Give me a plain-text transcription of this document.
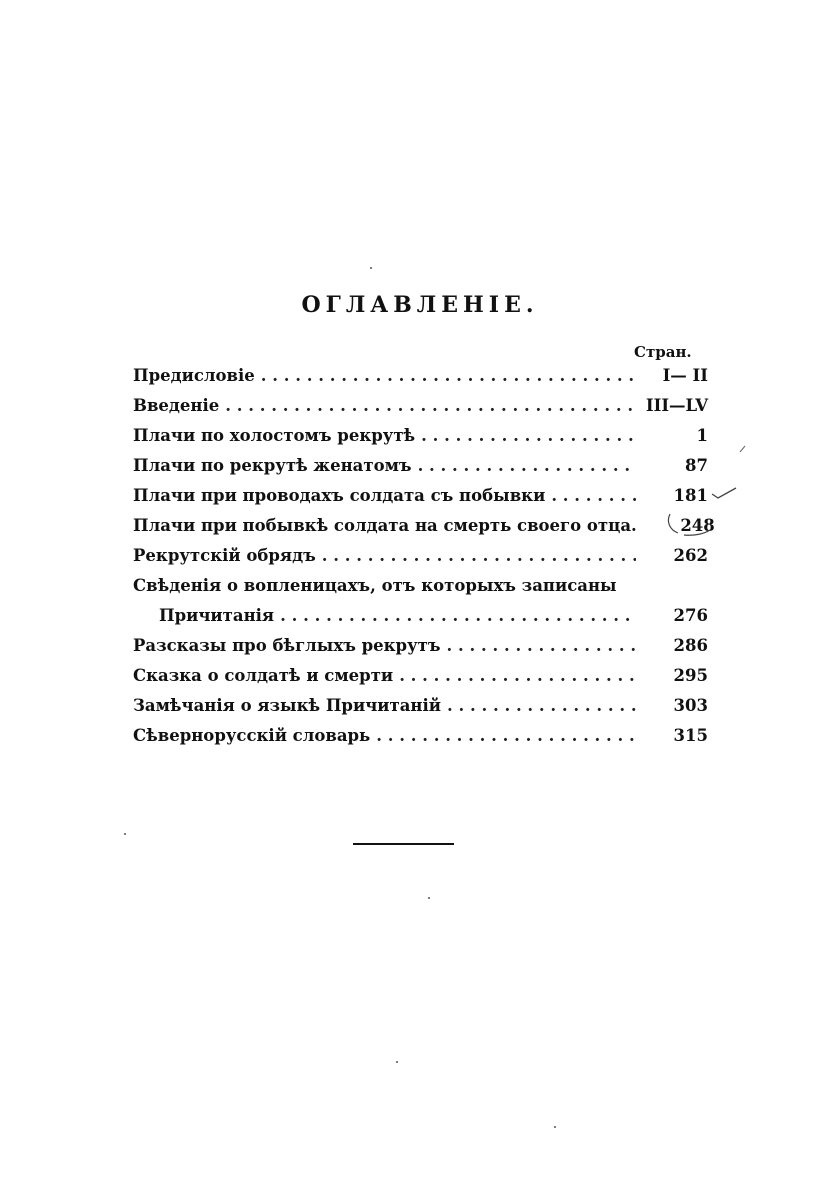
ОГЛАВЛЕНІЕ.
Стран.
Предисловіе . . .	I— II
Введеніе . . .	III—LV
Плачи по холостомъ рекрутѣ . . .	1
Плачи по рекрутѣ женатомъ . . .	87
Плачи при проводахъ солдата съ побывки . . .	181
Плачи при побывкѣ солдата на смерть своего отца. . . .	248
Рекрутскій обрядъ . . .	262
Свѣденія о вопленицахъ, отъ которыхъ записаны
Причитанія . . .	276
Разсказы про бѣглыхъ рекрутъ . . .	286
Сказка о солдатѣ и смерти . . .	295
Замѣчанія о языкѣ Причитаній . . .	303
Сѣвернорусскій словарь . . .	315
